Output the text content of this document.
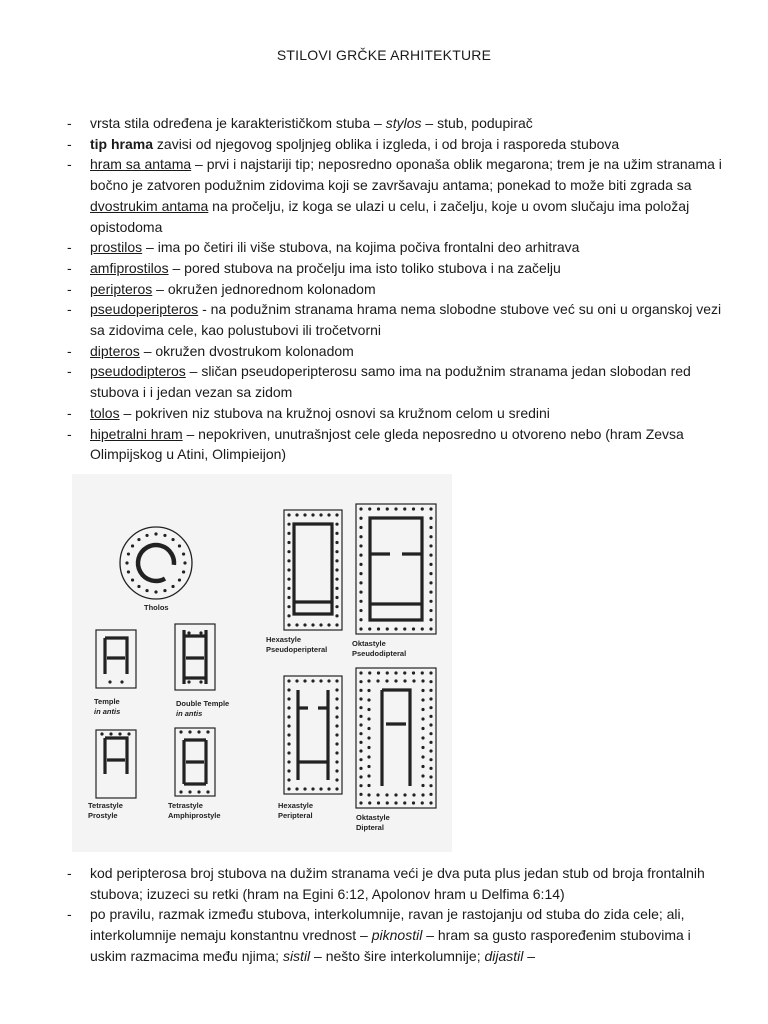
STILOVI GRČKE ARHITEKTURE
- vrsta stila određena je karakterističkom stuba – stylos – stub, podupirač
- tip hrama zavisi od njegovog spoljnjeg oblika i izgleda, i od broja i rasporeda stubova
- hram sa antama – prvi i najstariji tip; neposredno oponaša oblik megarona; trem je na užim stranama i bočno je zatvoren podužnim zidovima koji se završavaju antama; ponekad to može biti zgrada sa dvostrukim antama na pročelju, iz koga se ulazi u celu, i začelju, koje u ovom slučaju ima položaj opistodoma
- prostilos – ima po četiri ili više stubova, na kojima počiva frontalni deo arhitrava
- amfiprostilos – pored stubova na pročelju ima isto toliko stubova i na začelju
- peripteros – okružen jednorednom kolonadom
- pseudoperipteros - na podužnim stranama hrama nema slobodne stubove već su oni u organskoj vezi sa zidovima cele, kao polustubovi ili tročetvorni
- dipteros – okružen dvostrukom kolonadom
- pseudodipteros – sličan pseudoperipterosu samo ima na podužnim stranama jedan slobodan red stubova i i jedan vezan sa zidom
- tolos – pokriven niz stubova na kružnoj osnovi sa kružnom celom u sredini
- hipetralni hram – nepokriven, unutrašnjost cele gleda neposredno u otvoreno nebo (hram Zevsa Olimpijskog u Atini, Olimpieijon)
Tholos
Temple
in antis
Double Temple
in antis
Tetrastyle
Prostyle
Tetrastyle
Amphiprostyle
Hexastyle
Pseudoperipteral
Oktastyle
Pseudodipteral
Hexastyle
Peripteral	Oktastyle
Dipteral
- kod peripterosa broj stubova na dužim stranama veći je dva puta plus jedan stub od broja frontalnih stubova; izuzeci su retki (hram na Egini 6:12, Apolonov hram u Delfima 6:14)
- po pravilu, razmak između stubova, interkolumnije, ravan je rastojanju od stuba do zida cele; ali, interkolumnije nemaju konstantnu vrednost – piknostil – hram sa gusto raspoređenim stubovima i uskim razmacima među njima; sistil – nešto šire interkolumnije; dijastil –
